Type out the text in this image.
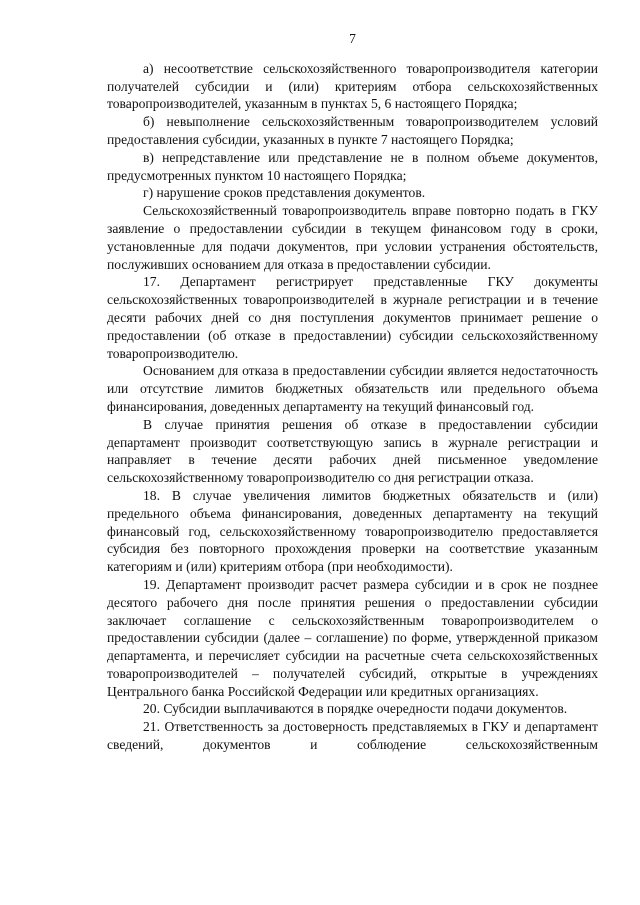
7

а) несоответствие сельскохозяйственного товаропроизводителя категории получателей субсидии и (или) критериям отбора сельскохозяйственных товаропроизводителей, указанным в пунктах 5, 6 настоящего Порядка;

б) невыполнение сельскохозяйственным товаропроизводителем условий предоставления субсидии, указанных в пункте 7 настоящего Порядка;

в) непредставление или представление не в полном объеме документов, предусмотренных пунктом 10 настоящего Порядка;

г) нарушение сроков представления документов.

Сельскохозяйственный товаропроизводитель вправе повторно подать в ГКУ заявление о предоставлении субсидии в текущем финансовом году в сроки, установленные для подачи документов, при условии устранения обстоятельств, послуживших основанием для отказа в предоставлении субсидии.

17. Департамент регистрирует представленные ГКУ документы сельскохозяйственных товаропроизводителей в журнале регистрации и в течение десяти рабочих дней со дня поступления документов принимает решение о предоставлении (об отказе в предоставлении) субсидии сельскохозяйственному товаропроизводителю.

Основанием для отказа в предоставлении субсидии является недостаточность или отсутствие лимитов бюджетных обязательств или предельного объема финансирования, доведенных департаменту на текущий финансовый год.

В случае принятия решения об отказе в предоставлении субсидии департамент производит соответствующую запись в журнале регистрации и направляет в течение десяти рабочих дней письменное уведомление сельскохозяйственному товаропроизводителю со дня регистрации отказа.

18. В случае увеличения лимитов бюджетных обязательств и (или) предельного объема финансирования, доведенных департаменту на текущий финансовый год, сельскохозяйственному товаропроизводителю предоставляется субсидия без повторного прохождения проверки на соответствие указанным категориям и (или) критериям отбора (при необходимости).

19. Департамент производит расчет размера субсидии и в срок не позднее десятого рабочего дня после принятия решения о предоставлении субсидии заключает соглашение с сельскохозяйственным товаропроизводителем о предоставлении субсидии (далее – соглашение) по форме, утвержденной приказом департамента, и перечисляет субсидии на расчетные счета сельскохозяйственных товаропроизводителей – получателей субсидий, открытые в учреждениях Центрального банка Российской Федерации или кредитных организациях.

20. Субсидии выплачиваются в порядке очередности подачи документов.

21. Ответственность за достоверность представляемых в ГКУ и департамент сведений, документов и соблюдение сельскохозяйственным
